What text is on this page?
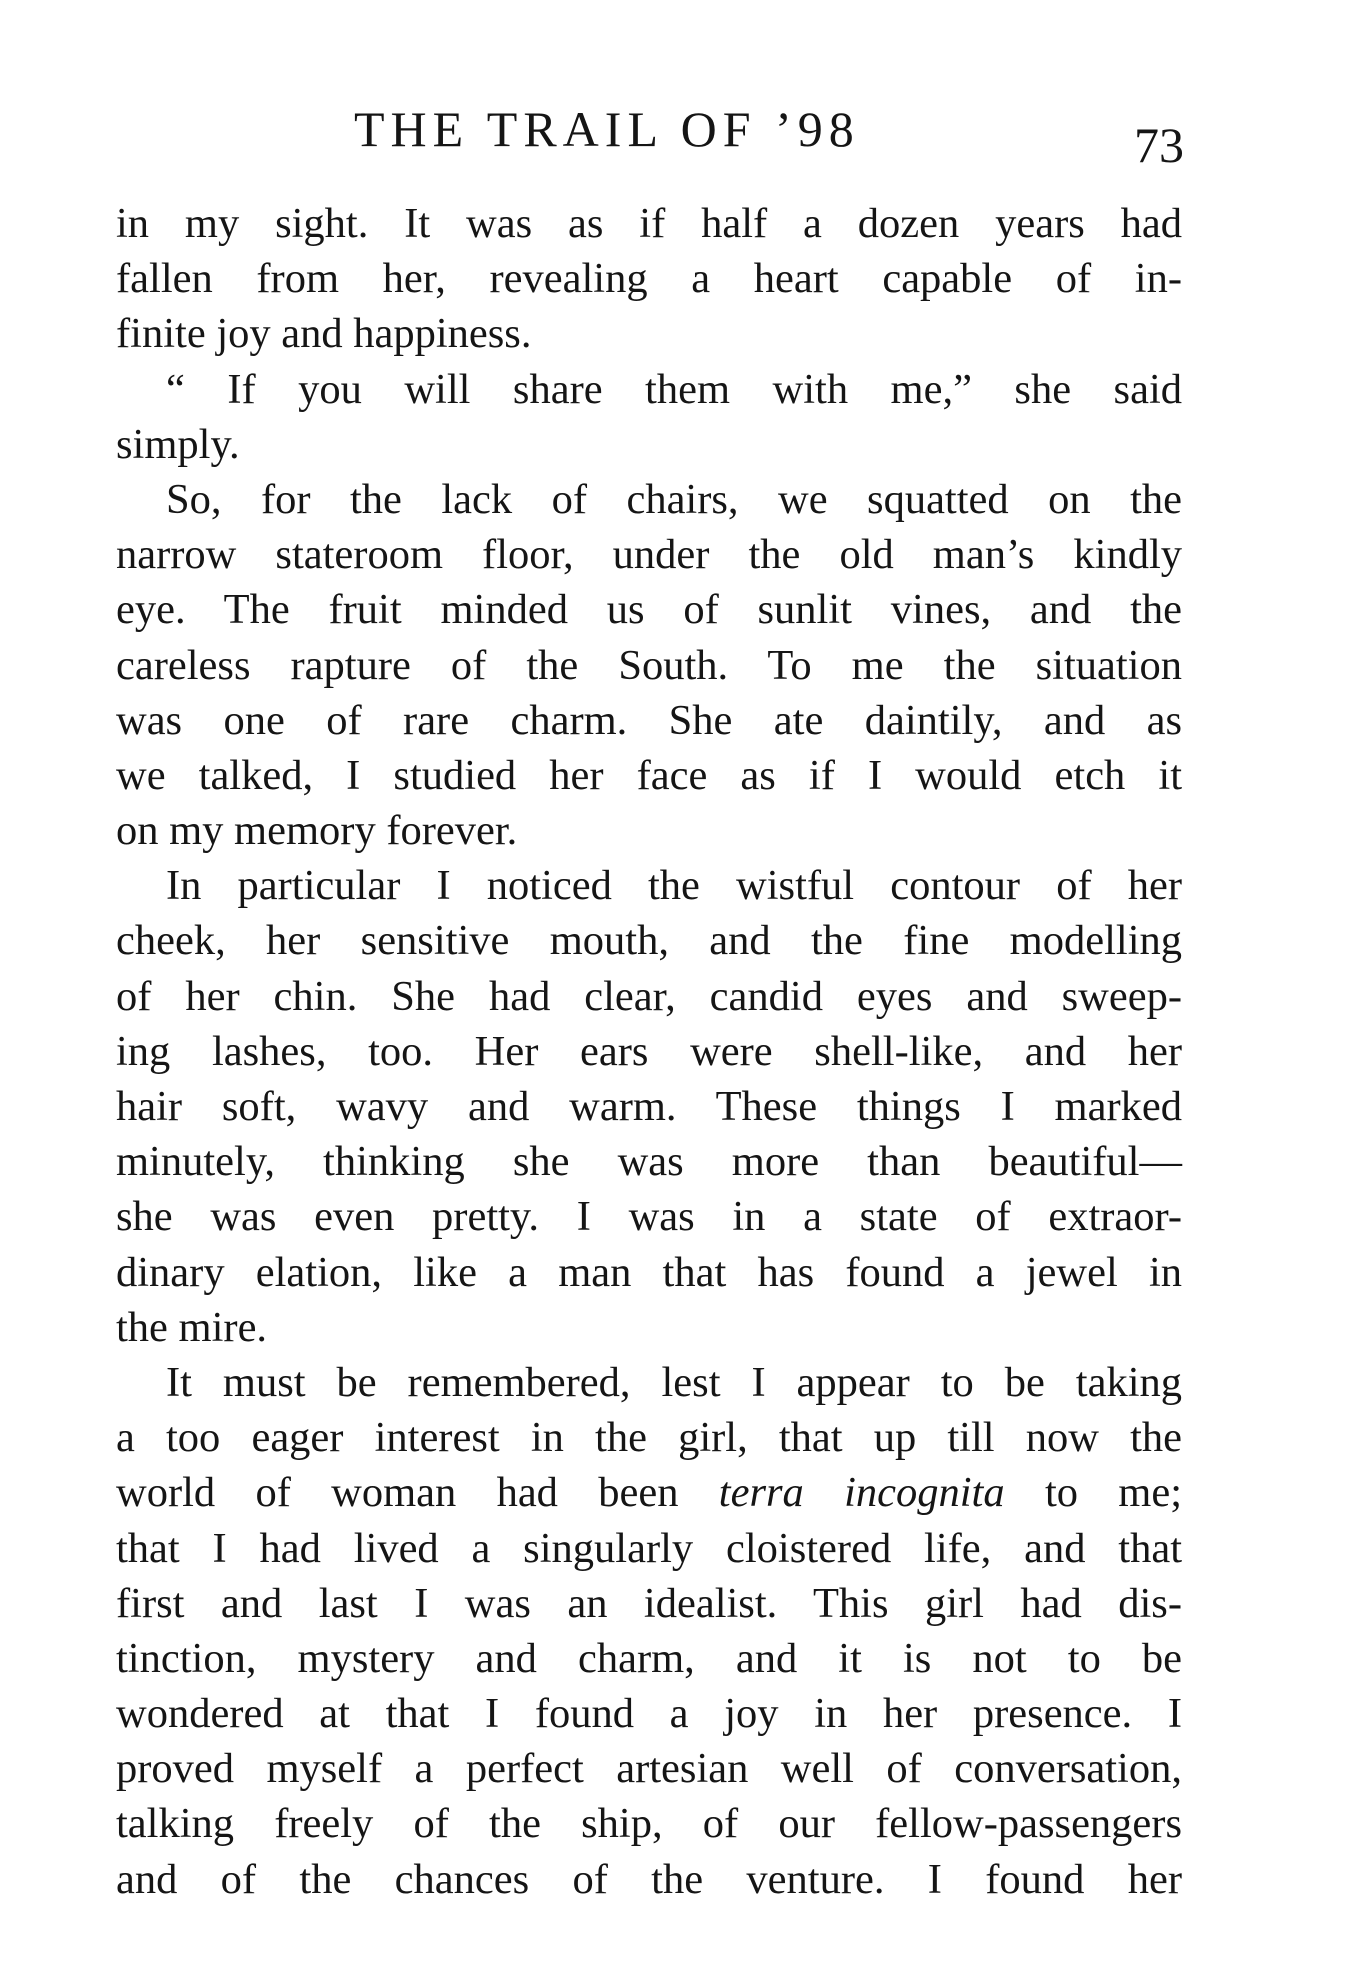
THE TRAIL OF ’98	73
in my sight. It was as if half a dozen years had
fallen from her, revealing a heart capable of in-
finite joy and happiness.
“ If you will share them with me,” she said
simply.
So, for the lack of chairs, we squatted on the
narrow stateroom floor, under the old man’s kindly
eye. The fruit minded us of sunlit vines, and the
careless rapture of the South. To me the situation
was one of rare charm. She ate daintily, and as
we talked, I studied her face as if I would etch it
on my memory forever.
In particular I noticed the wistful contour of her
cheek, her sensitive mouth, and the fine modelling
of her chin. She had clear, candid eyes and sweep-
ing lashes, too. Her ears were shell-like, and her
hair soft, wavy and warm. These things I marked
minutely, thinking she was more than beautiful—
she was even pretty. I was in a state of extraor-
dinary elation, like a man that has found a jewel in
the mire.
It must be remembered, lest I appear to be taking
a too eager interest in the girl, that up till now the
world of woman had been terra incognita to me;
that I had lived a singularly cloistered life, and that
first and last I was an idealist. This girl had dis-
tinction, mystery and charm, and it is not to be
wondered at that I found a joy in her presence. I
proved myself a perfect artesian well of conversation,
talking freely of the ship, of our fellow-passengers
and of the chances of the venture. I found her
